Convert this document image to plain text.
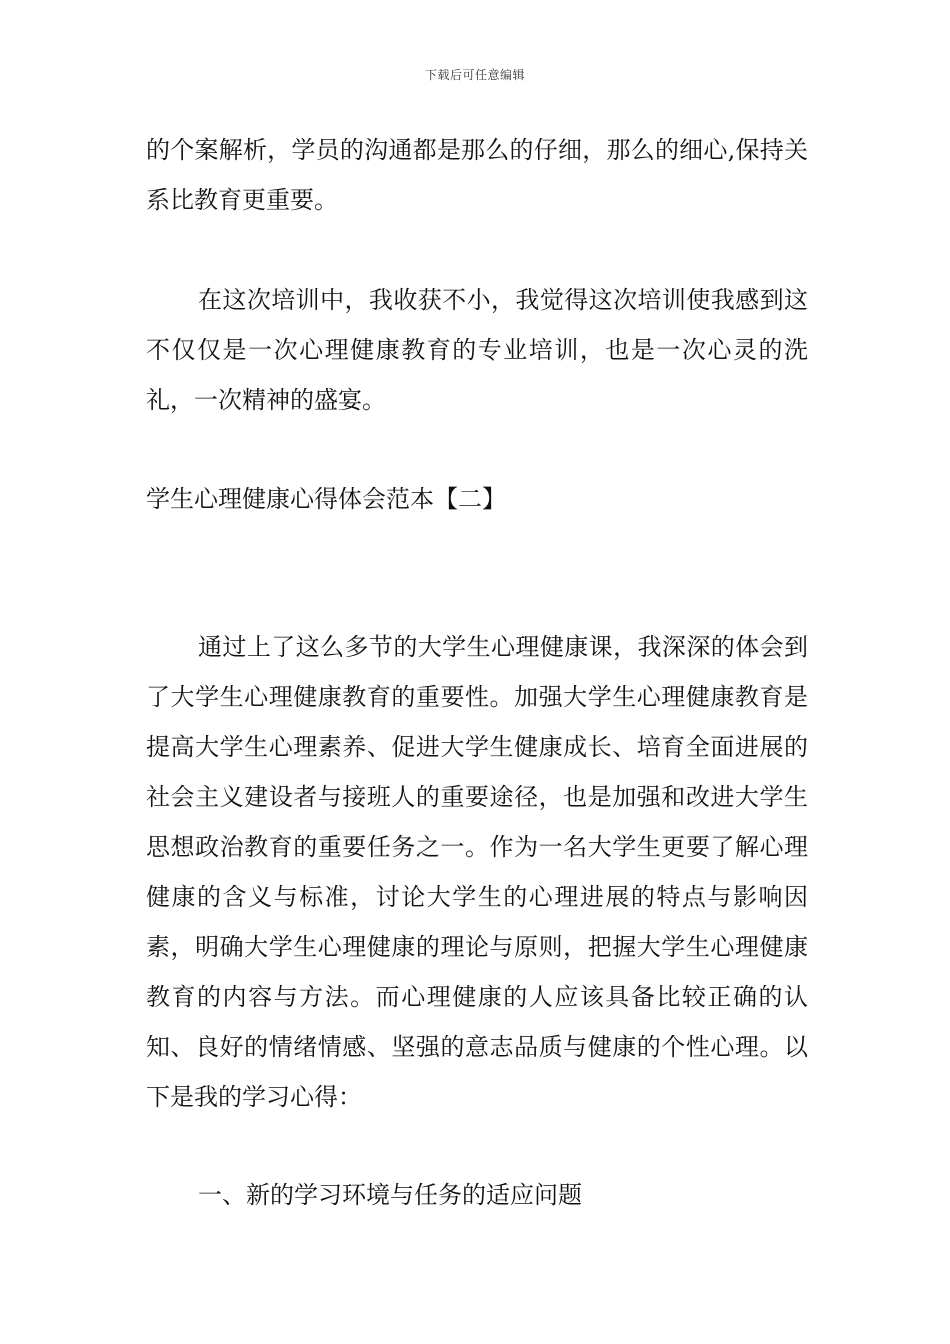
下载后可任意编辑

的个案解析，学员的沟通都是那么的仔细，那么的细心,保持关系比教育更重要。

在这次培训中，我收获不小，我觉得这次培训使我感到这不仅仅是一次心理健康教育的专业培训，也是一次心灵的洗礼，一次精神的盛宴。

学生心理健康心得体会范本【二】

通过上了这么多节的大学生心理健康课，我深深的体会到了大学生心理健康教育的重要性。加强大学生心理健康教育是提高大学生心理素养、促进大学生健康成长、培育全面进展的社会主义建设者与接班人的重要途径，也是加强和改进大学生思想政治教育的重要任务之一。作为一名大学生更要了解心理健康的含义与标准，讨论大学生的心理进展的特点与影响因素，明确大学生心理健康的理论与原则，把握大学生心理健康教育的内容与方法。而心理健康的人应该具备比较正确的认知、良好的情绪情感、坚强的意志品质与健康的个性心理。以下是我的学习心得：

一、新的学习环境与任务的适应问题
